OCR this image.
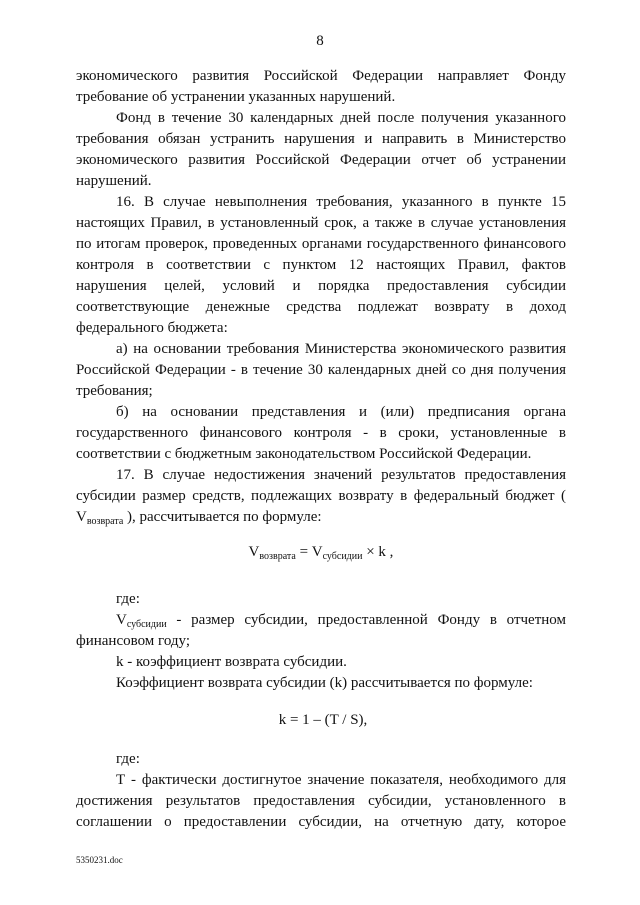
8

экономического развития Российской Федерации направляет Фонду требование об устранении указанных нарушений.

Фонд в течение 30 календарных дней после получения указанного требования обязан устранить нарушения и направить в Министерство экономического развития Российской Федерации отчет об устранении нарушений.

16. В случае невыполнения требования, указанного в пункте 15 настоящих Правил, в установленный срок, а также в случае установления по итогам проверок, проведенных органами государственного финансового контроля в соответствии с пунктом 12 настоящих Правил, фактов нарушения целей, условий и порядка предоставления субсидии соответствующие денежные средства подлежат возврату в доход федерального бюджета:

а) на основании требования Министерства экономического развития Российской Федерации - в течение 30 календарных дней со дня получения требования;

б) на основании представления и (или) предписания органа государственного финансового контроля - в сроки, установленные в соответствии с бюджетным законодательством Российской Федерации.

17. В случае недостижения значений результатов предоставления субсидии размер средств, подлежащих возврату в федеральный бюджет ( $V_{возврата}$ ), рассчитывается по формуле:

$V_{возврата} = V_{субсидии} \times k$ ,

где:

$V_{субсидии}$ - размер субсидии, предоставленной Фонду в отчетном финансовом году;

k - коэффициент возврата субсидии.

Коэффициент возврата субсидии (k) рассчитывается по формуле:

k = 1 – (T / S),

где:

Т - фактически достигнутое значение показателя, необходимого для достижения результатов предоставления субсидии, установленного в соглашении о предоставлении субсидии, на отчетную дату, которое

5350231.doc
